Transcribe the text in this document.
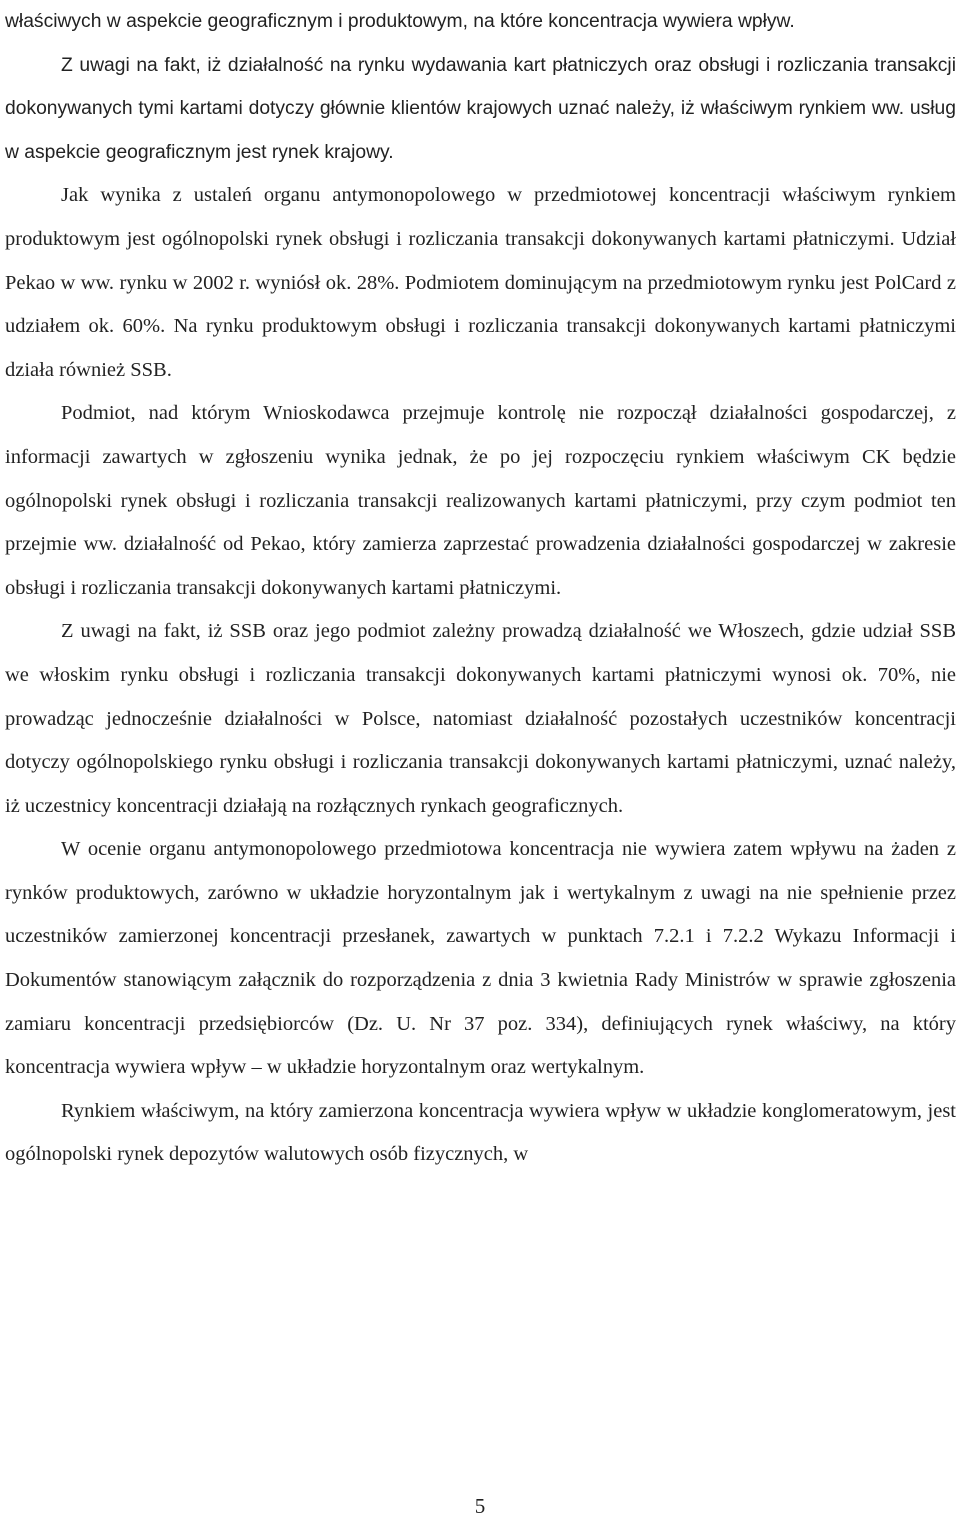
właściwych w aspekcie geograficznym i produktowym, na które koncentracja wywiera wpływ.

Z uwagi na fakt, iż działalność na rynku wydawania kart płatniczych oraz obsługi i rozliczania transakcji dokonywanych tymi kartami dotyczy głównie klientów krajowych uznać należy, iż właściwym rynkiem ww. usług w aspekcie geograficznym jest rynek krajowy.

Jak wynika z ustaleń organu antymonopolowego w przedmiotowej koncentracji właściwym rynkiem produktowym jest ogólnopolski rynek obsługi i rozliczania transakcji dokonywanych kartami płatniczymi. Udział Pekao w ww. rynku w 2002 r. wyniósł ok. 28%. Podmiotem dominującym na przedmiotowym rynku jest PolCard z udziałem ok. 60%. Na rynku produktowym obsługi i rozliczania transakcji dokonywanych kartami płatniczymi działa również SSB.

Podmiot, nad którym Wnioskodawca przejmuje kontrolę nie rozpoczął działalności gospodarczej, z informacji zawartych w zgłoszeniu wynika jednak, że po jej rozpoczęciu rynkiem właściwym CK będzie ogólnopolski rynek obsługi i rozliczania transakcji realizowanych kartami płatniczymi, przy czym podmiot ten przejmie ww. działalność od Pekao, który zamierza zaprzestać prowadzenia działalności gospodarczej w zakresie obsługi i rozliczania transakcji dokonywanych kartami płatniczymi.

Z uwagi na fakt, iż SSB oraz jego podmiot zależny prowadzą działalność we Włoszech, gdzie udział SSB we włoskim rynku obsługi i rozliczania transakcji dokonywanych kartami płatniczymi wynosi ok. 70%, nie prowadząc jednocześnie działalności w Polsce, natomiast działalność pozostałych uczestników koncentracji dotyczy ogólnopolskiego rynku obsługi i rozliczania transakcji dokonywanych kartami płatniczymi, uznać należy, iż uczestnicy koncentracji działają na rozłącznych rynkach geograficznych.

W ocenie organu antymonopolowego przedmiotowa koncentracja nie wywiera zatem wpływu na żaden z rynków produktowych, zarówno w układzie horyzontalnym jak i wertykalnym z uwagi na nie spełnienie przez uczestników zamierzonej koncentracji przesłanek, zawartych w punktach 7.2.1 i 7.2.2 Wykazu Informacji i Dokumentów stanowiącym załącznik do rozporządzenia z dnia 3 kwietnia Rady Ministrów w sprawie zgłoszenia zamiaru koncentracji przedsiębiorców (Dz. U. Nr 37 poz. 334), definiujących rynek właściwy, na który koncentracja wywiera wpływ – w układzie horyzontalnym oraz wertykalnym.

Rynkiem właściwym, na który zamierzona koncentracja wywiera wpływ w układzie konglomeratowym, jest ogólnopolski rynek depozytów walutowych osób fizycznych, w

5
